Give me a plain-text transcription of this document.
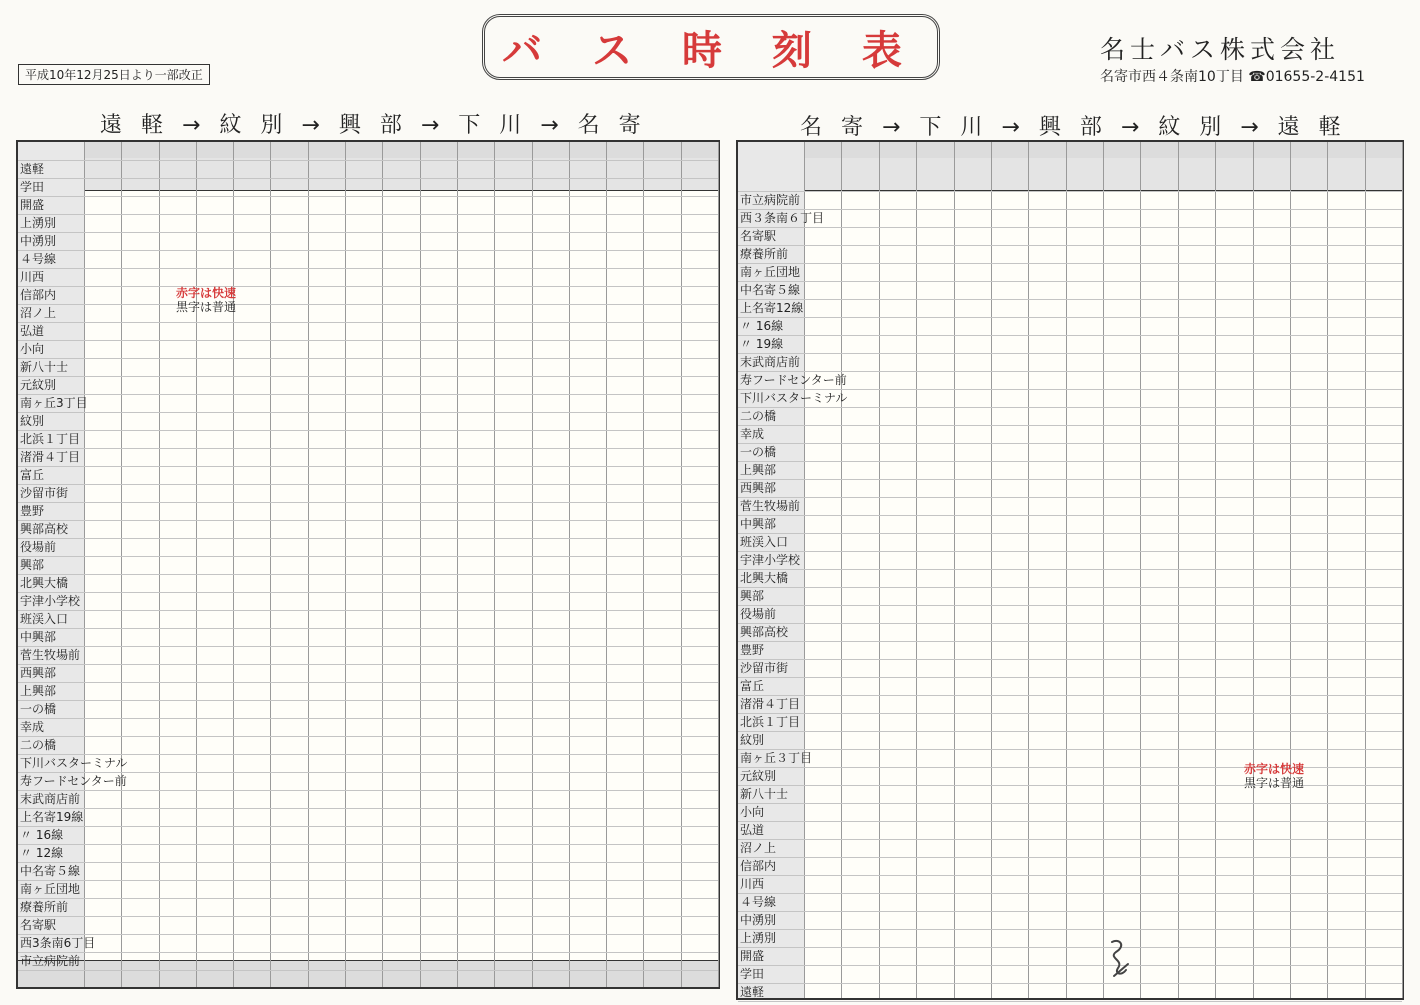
平成10年12月25日より一部改正
バ ス 時 刻 表	名士バス株式会社
名寄市西４条南10丁目 ☎01655-2-4151
遠 軽 → 紋 別 → 興 部 → 下 川 → 名 寄	名 寄 → 下 川 → 興 部 → 紋 別 → 遠 軽
遠軽
学田
開盛
上湧別
中湧別
４号線
川西
信部内
沼ノ上
弘道
小向
新八十士
元紋別
南ヶ丘3丁目
紋別
北浜１丁目
渚滑４丁目
富丘
沙留市街
豊野
興部高校
役場前
興部
北興大橋
宇津小学校
班渓入口
中興部
菅生牧場前
西興部
上興部
一の橋
幸成
二の橋
下川バスターミナル
寿フードセンター前
末武商店前
上名寄19線
〃 16線
〃 12線
中名寄５線
南ヶ丘団地
療養所前
名寄駅
西3条南6丁目
市立病院前
市立病院前
西３条南６丁目
名寄駅
療養所前
南ヶ丘団地
中名寄５線
上名寄12線
〃 16線
〃 19線
末武商店前
寿フードセンター前
下川バスターミナル
二の橋
幸成
一の橋
上興部
西興部
菅生牧場前
中興部
班渓入口
宇津小学校
北興大橋
興部
役場前
興部高校
豊野
沙留市街
富丘
渚滑４丁目
北浜１丁目
紋別
南ヶ丘３丁目
元紋別
新八十士
小向
弘道
沼ノ上
信部内
川西
４号線
中湧別
上湧別
開盛
学田
遠軽
赤字は快速
黒字は普通
赤字は快速
黒字は普通
